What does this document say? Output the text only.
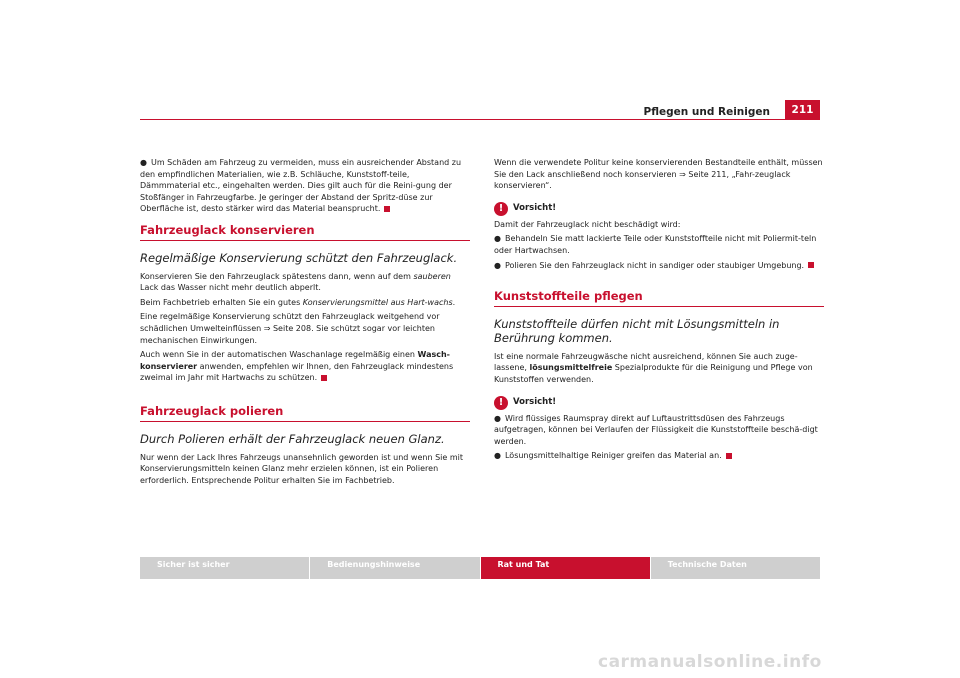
Pflegen und Reinigen	211

● Um Schäden am Fahrzeug zu vermeiden, muss ein ausreichender Abstand zu den empfindlichen Materialien, wie z.B. Schläuche, Kunststoff-teile, Dämmmaterial etc., eingehalten werden. Dies gilt auch für die Reini-gung der Stoßfänger in Fahrzeugfarbe. Je geringer der Abstand der Spritz-düse zur Oberfläche ist, desto stärker wird das Material beansprucht.

Fahrzeuglack konservieren
Regelmäßige Konservierung schützt den Fahrzeuglack.

Konservieren Sie den Fahrzeuglack spätestens dann, wenn auf dem sauberen Lack das Wasser nicht mehr deutlich abperlt.

Beim Fachbetrieb erhalten Sie ein gutes Konservierungsmittel aus Hart-wachs.

Eine regelmäßige Konservierung schützt den Fahrzeuglack weitgehend vor schädlichen Umwelteinflüssen ⇒ Seite 208. Sie schützt sogar vor leichten mechanischen Einwirkungen.

Auch wenn Sie in der automatischen Waschanlage regelmäßig einen Wasch-konservierer anwenden, empfehlen wir Ihnen, den Fahrzeuglack mindestens zweimal im Jahr mit Hartwachs zu schützen.

Fahrzeuglack polieren
Durch Polieren erhält der Fahrzeuglack neuen Glanz.

Nur wenn der Lack Ihres Fahrzeugs unansehnlich geworden ist und wenn Sie mit Konservierungsmitteln keinen Glanz mehr erzielen können, ist ein Polieren erforderlich. Entsprechende Politur erhalten Sie im Fachbetrieb.

Wenn die verwendete Politur keine konservierenden Bestandteile enthält, müssen Sie den Lack anschließend noch konservieren ⇒ Seite 211, „Fahr-zeuglack konservieren“.

!	Vorsicht!

Damit der Fahrzeuglack nicht beschädigt wird:

● Behandeln Sie matt lackierte Teile oder Kunststoffteile nicht mit Poliermit-teln oder Hartwachsen.

● Polieren Sie den Fahrzeuglack nicht in sandiger oder staubiger Umgebung.

Kunststoffteile pflegen
Kunststoffteile dürfen nicht mit Lösungsmitteln in Berührung kommen.

Ist eine normale Fahrzeugwäsche nicht ausreichend, können Sie auch zuge-lassene, lösungsmittelfreie Spezialprodukte für die Reinigung und Pflege von Kunststoffen verwenden.

!	Vorsicht!

● Wird flüssiges Raumspray direkt auf Luftaustrittsdüsen des Fahrzeugs aufgetragen, können bei Verlaufen der Flüssigkeit die Kunststoffteile beschä-digt werden.

● Lösungsmittelhaltige Reiniger greifen das Material an.

Sicher ist sicher	Bedienungshinweise	Rat und Tat	Technische Daten
carmanualsonline.info
